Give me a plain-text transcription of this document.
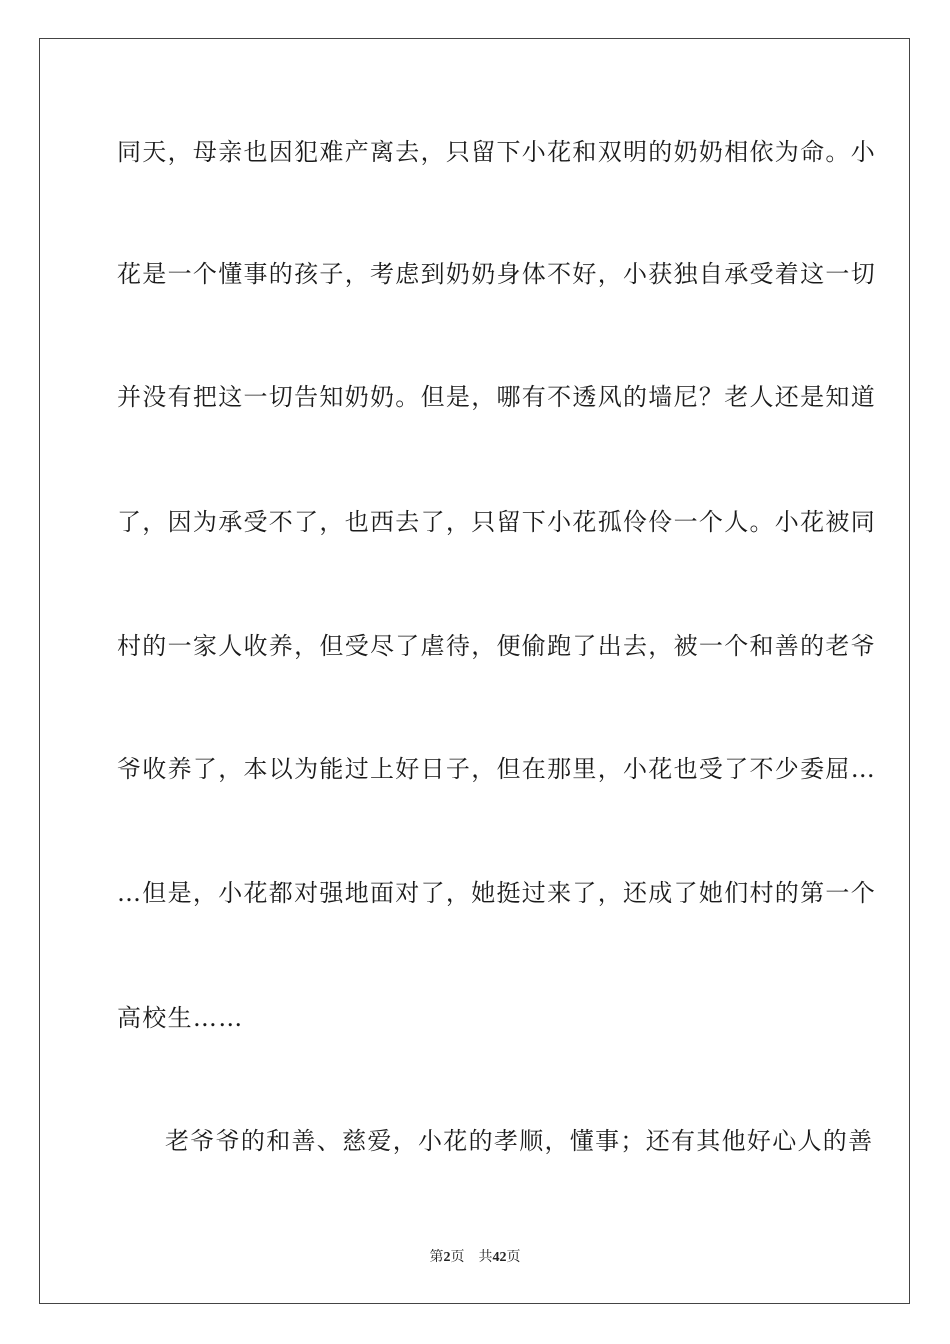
同天，母亲也因犯难产离去，只留下小花和双明的奶奶相依为命。小
花是一个懂事的孩子，考虑到奶奶身体不好，小获独自承受着这一切
并没有把这一切告知奶奶。但是，哪有不透风的墙尼？老人还是知道
了，因为承受不了，也西去了，只留下小花孤伶伶一个人。小花被同
村的一家人收养，但受尽了虐待，便偷跑了出去，被一个和善的老爷
爷收养了，本以为能过上好日子，但在那里，小花也受了不少委屈…
…但是，小花都对强地面对了，她挺过来了，还成了她们村的第一个
高校生……
老爷爷的和善、慈爱，小花的孝顺，懂事；还有其他好心人的善
第2页 共42页
